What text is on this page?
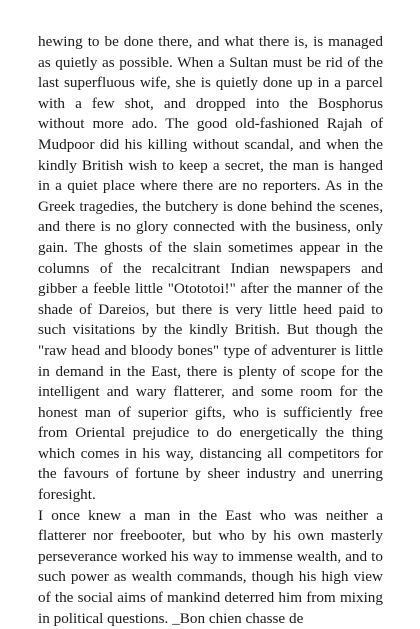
hewing to be done there, and what there is, is managed as quietly as possible. When a Sultan must be rid of the last superfluous wife, she is quietly done up in a parcel with a few shot, and dropped into the Bosphorus without more ado. The good old-fashioned Rajah of Mudpoor did his killing without scandal, and when the kindly British wish to keep a secret, the man is hanged in a quiet place where there are no reporters. As in the Greek tragedies, the butchery is done behind the scenes, and there is no glory connected with the business, only gain. The ghosts of the slain sometimes appear in the columns of the recalcitrant Indian newspapers and gibber a feeble little "Otototoi!" after the manner of the shade of Dareios, but there is very little heed paid to such visitations by the kindly British. But though the "raw head and bloody bones" type of adventurer is little in demand in the East, there is plenty of scope for the intelligent and wary flatterer, and some room for the honest man of superior gifts, who is sufficiently free from Oriental prejudice to do energetically the thing which comes in his way, distancing all competitors for the favours of fortune by sheer industry and unerring foresight.

I once knew a man in the East who was neither a flatterer nor freebooter, but who by his own masterly perseverance worked his way to immense wealth, and to such power as wealth commands, though his high view of the social aims of mankind deterred him from mixing in political questions. _Bon chien chasse de
